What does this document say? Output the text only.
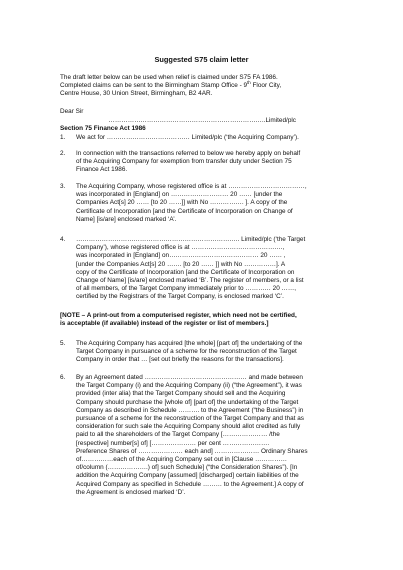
Suggested S75 claim letter
The draft letter below can be used when relief is claimed under S75 FA 1986.
Completed claims can be sent to the Birmingham Stamp Office - 9th Floor City,
Centre House, 30 Union Street, Birmingham, B2 4AR.
Dear Sir
………………………………………………………………..Limited/plc
Section 75 Finance Act 1986
1.	We act for ………………………………… Limited/plc (‘the Acquiring Company’).
2.	In connection with the transactions referred to below we hereby apply on behalf
of the Acquiring Company for exemption from transfer duty under Section 75
Finance Act 1986.
3.	The Acquiring Company, whose registered office is at ………………………………,
was incorporated in [England] on ……………………… 20 …… [under the
Companies Act[s] 20 …… [to 20 ……]] with No ……………. ]. A copy of the
Certificate of Incorporation [and the Certificate of Incorporation on Change of
Name] [is/are] enclosed marked ‘A’.
4.	………………………………………………………………….. Limited/plc (‘the Target
Company’), whose registered office is at …………………………………….,
was incorporated in [England] on…………………………………… 20 …… ,
[under the Companies Act[s] 20 ……. [to 20 …… ]] with No ……………]. A
copy of the Certificate of Incorporation [and the Certificate of Incorporation on
Change of Name] [is/are] enclosed marked ‘B’. The register of members, or a list
of all members, of the Target Company immediately prior to ………… 20 ……,
certified by the Registrars of the Target Company, is enclosed marked ‘C’.
[NOTE – A print-out from a computerised register, which need not be certified,
is acceptable (if available) instead of the register or list of members.]
5.	The Acquiring Company has acquired [the whole] [part of] the undertaking of the
Target Company in pursuance of a scheme for the reconstruction of the Target
Company in order that … [set out briefly the reasons for the transactions].
6.	By an Agreement dated ………………………………………… and made between
the Target Company (i) and the Acquiring Company (ii) (“the Agreement”), it was
provided (inter alia) that the Target Company should sell and the Acquiring
Company should purchase the [whole of] [part of] the undertaking of the Target
Company as described in Schedule ………. to the Agreement (“the Business”) in
pursuance of a scheme for the reconstruction of the Target Company and that as
consideration for such sale the Acquiring Company should allot credited as fully
paid to all the shareholders of the Target Company [………………… /the
[respective] number[s] of] [………………… per cent ………………….
Preference Shares of ………………… each and] ………………… Ordinary Shares
of……………each of the Acquiring Company set out in [Clause ……………
of/column (……………….) of] such Schedule] (“the Consideration Shares”). [In
addition the Acquiring Company [assumed] [discharged] certain liabilities of the
Acquired Company as specified in Schedule ……… to the Agreement.] A copy of
the Agreement is enclosed marked ‘D’.
